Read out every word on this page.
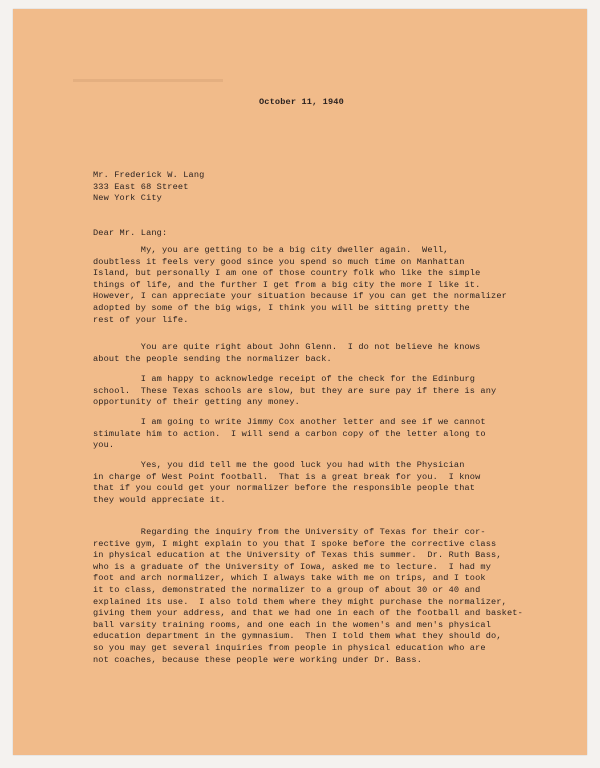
October 11, 1940
Mr. Frederick W. Lang
333 East 68 Street
New York City
Dear Mr. Lang:
My, you are getting to be a big city dweller again.  Well,
doubtless it feels very good since you spend so much time on Manhattan
Island, but personally I am one of those country folk who like the simple
things of life, and the further I get from a big city the more I like it.
However, I can appreciate your situation because if you can get the normalizer
adopted by some of the big wigs, I think you will be sitting pretty the
rest of your life.
You are quite right about John Glenn.  I do not believe he knows
about the people sending the normalizer back.
I am happy to acknowledge receipt of the check for the Edinburg
school.  These Texas schools are slow, but they are sure pay if there is any
opportunity of their getting any money.
I am going to write Jimmy Cox another letter and see if we cannot
stimulate him to action.  I will send a carbon copy of the letter along to
you.
Yes, you did tell me the good luck you had with the Physician
in charge of West Point football.  That is a great break for you.  I know
that if you could get your normalizer before the responsible people that
they would appreciate it.
Regarding the inquiry from the University of Texas for their cor-
rective gym, I might explain to you that I spoke before the corrective class
in physical education at the University of Texas this summer.  Dr. Ruth Bass,
who is a graduate of the University of Iowa, asked me to lecture.  I had my
foot and arch normalizer, which I always take with me on trips, and I took
it to class, demonstrated the normalizer to a group of about 30 or 40 and
explained its use.  I also told them where they might purchase the normalizer,
giving them your address, and that we had one in each of the football and basket-
ball varsity training rooms, and one each in the women's and men's physical
education department in the gymnasium.  Then I told them what they should do,
so you may get several inquiries from people in physical education who are
not coaches, because these people were working under Dr. Bass.
